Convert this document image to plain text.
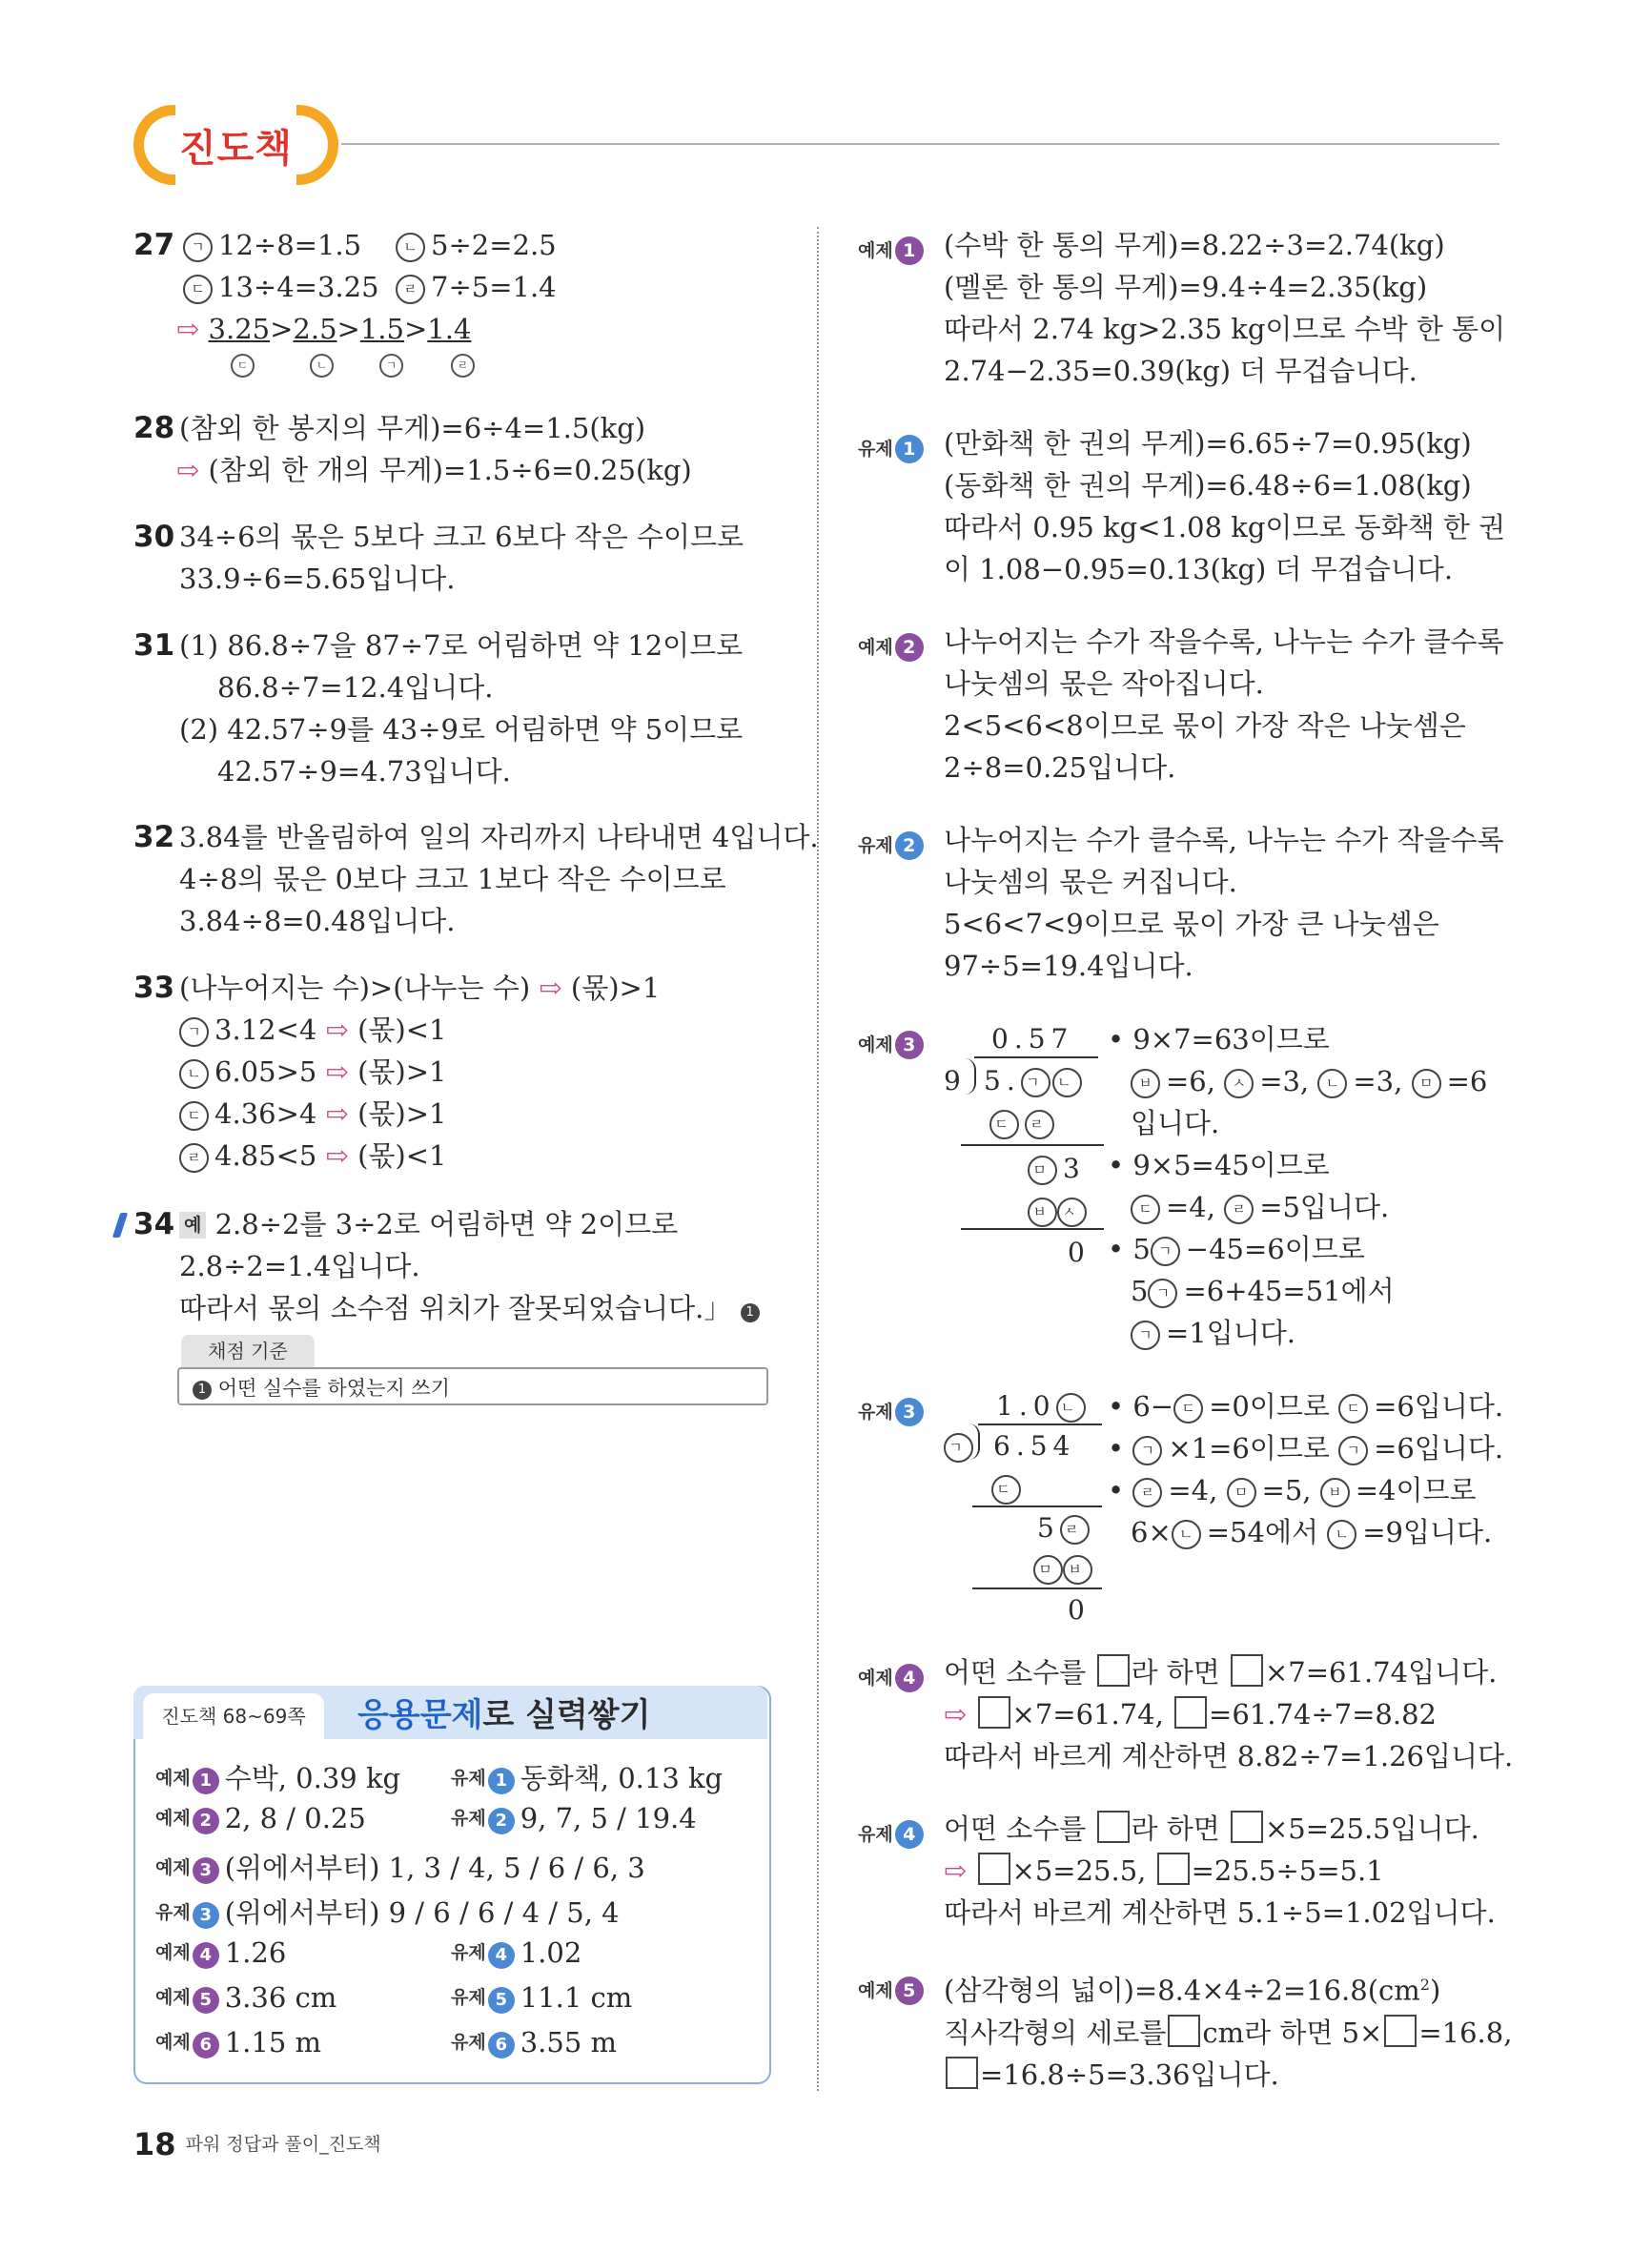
진도책
27	ㄱ 12÷8=1.5	ㄴ 5÷2=2.5
ㄷ 13÷4=3.25	ㄹ 7÷5=1.4
⇨ 3.25>2.5>1.5>1.4
ㄷ	ㄴ	ㄱ	ㄹ
28 (참외 한 봉지의 무게)=6÷4=1.5(kg)
⇨ (참외 한 개의 무게)=1.5÷6=0.25(kg)
30 34÷6의 몫은 5보다 크고 6보다 작은 수이므로
33.9÷6=5.65입니다.
31 (1) 86.8÷7을 87÷7로 어림하면 약 12이므로
86.8÷7=12.4입니다.
(2) 42.57÷9를 43÷9로 어림하면 약 5이므로
42.57÷9=4.73입니다.
32 3.84를 반올림하여 일의 자리까지 나타내면 4입니다.
4÷8의 몫은 0보다 크고 1보다 작은 수이므로
3.84÷8=0.48입니다.
33 (나누어지는 수)>(나누는 수) ⇨ (몫)>1
ㄱ 3.12<4 ⇨ (몫)<1
ㄴ 6.05>5 ⇨ (몫)>1
ㄷ 4.36>4 ⇨ (몫)>1
ㄹ 4.85<5 ⇨ (몫)<1
34 예 2.8÷2를 3÷2로 어림하면 약 2이므로
2.8÷2=1.4입니다.
따라서 몫의 소수점 위치가 잘못되었습니다.」 1
채점 기준
1 어떤 실수를 하였는지 쓰기
진도책 68~69쪽	응용문제로 실력쌓기
예제 1 수박, 0.39 kg	유제 1 동화책, 0.13 kg
예제 2 2, 8 / 0.25	유제 2 9, 7, 5 / 19.4
예제 3 (위에서부터) 1, 3 / 4, 5 / 6 / 6, 3
유제 3 (위에서부터) 9 / 6 / 6 / 4 / 5, 4
예제 4 1.26	유제 4 1.02
예제 5 3.36 cm	유제 5 11.1 cm
예제 6 1.15 m	유제 6 3.55 m
예제 1 (수박 한 통의 무게)=8.22÷3=2.74(kg)
(멜론 한 통의 무게)=9.4÷4=2.35(kg)
따라서 2.74 kg>2.35 kg이므로 수박 한 통이
2.74−2.35=0.39(kg) 더 무겁습니다.
유제 1 (만화책 한 권의 무게)=6.65÷7=0.95(kg)
(동화책 한 권의 무게)=6.48÷6=1.08(kg)
따라서 0.95 kg<1.08 kg이므로 동화책 한 권
이 1.08−0.95=0.13(kg) 더 무겁습니다.
예제 2 나누어지는 수가 작을수록, 나누는 수가 클수록
나눗셈의 몫은 작아집니다.
2<5<6<8이므로 몫이 가장 작은 나눗셈은
2÷8=0.25입니다.
유제 2 나누어지는 수가 클수록, 나누는 수가 작을수록
나눗셈의 몫은 커집니다.
5<6<7<9이므로 몫이 가장 큰 나눗셈은
97÷5=19.4입니다.
예제 3	0.57
9 5. ㄱ ㄴ
ㄷ ㄹ
ㅁ 3
ㅂ ㅅ
0
• 9×7=63이므로
ㅂ =6, ㅅ =3, ㄴ =3, ㅁ =6
입니다.
• 9×5=45이므로
ㄷ =4, ㄹ =5입니다.
• 5 ㄱ −45=6이므로
5 ㄱ =6+45=51에서
ㄱ =1입니다.
유제 3	1.0 ㄴ
ㄱ 6.54
ㄷ
5 ㄹ
ㅁ ㅂ
0
• 6− ㄷ =0이므로 ㄷ =6입니다.
• ㄱ ×1=6이므로 ㄱ =6입니다.
• ㄹ =4, ㅁ =5, ㅂ =4이므로
6× ㄴ =54에서 ㄴ =9입니다.
예제 4 어떤 소수를 라 하면 ×7=61.74입니다.
⇨ ×7=61.74, =61.74÷7=8.82
따라서 바르게 계산하면 8.82÷7=1.26입니다.
유제 4 어떤 소수를 라 하면 ×5=25.5입니다.
⇨ ×5=25.5, =25.5÷5=5.1
따라서 바르게 계산하면 5.1÷5=1.02입니다.
예제 5 (삼각형의 넓이)$=8.4\times 4\div 2=16.8(cm^2)$
직사각형의 세로를 cm라 하면 5× =16.8,
=16.8÷5=3.36입니다.
18 파워 정답과 풀이_진도책
